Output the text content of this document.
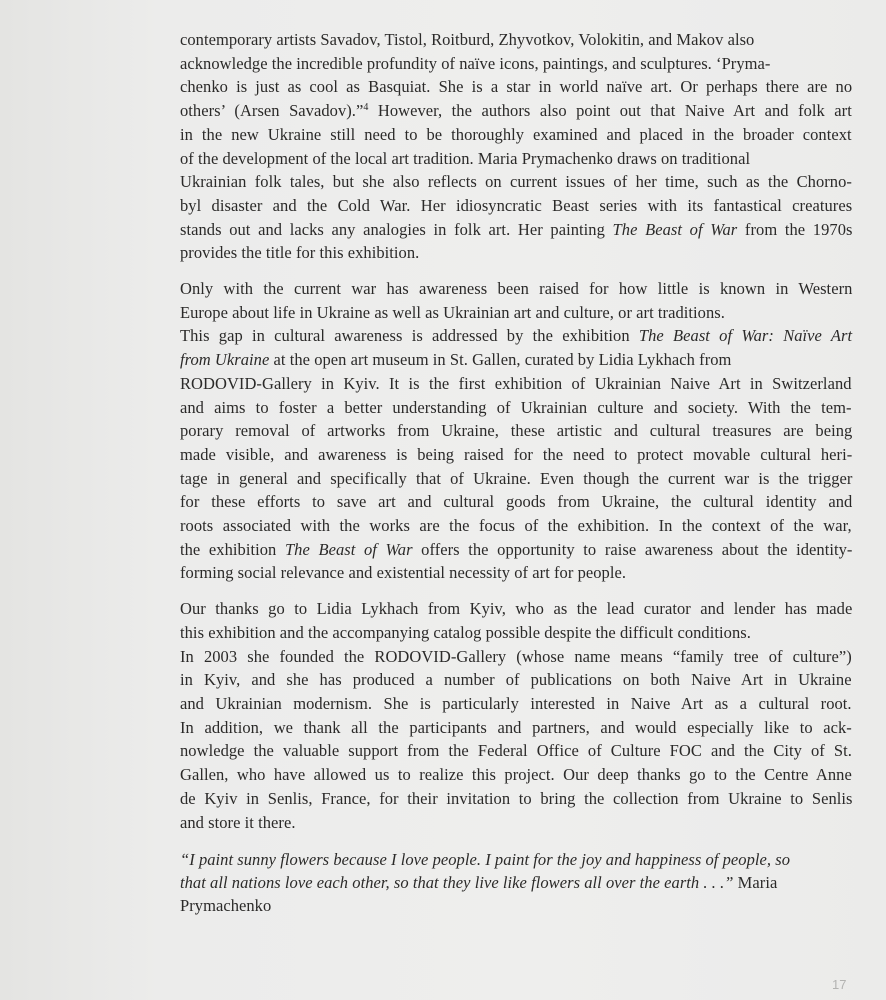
contemporary artists Savadov, Tistol, Roitburd, Zhyvotkov, Volokitin, and Makov also
acknowledge the incredible profundity of naïve icons, paintings, and sculptures. ‘Pryma-
chenko is just as cool as Basquiat. She is a star in world naïve art. Or perhaps there are no
others’ (Arsen Savadov).”$^4$ However, the authors also point out that Naive Art and folk art
in the new Ukraine still need to be thoroughly examined and placed in the broader context
of the development of the local art tradition. Maria Prymachenko draws on traditional
Ukrainian folk tales, but she also reflects on current issues of her time, such as the Chorno-
byl disaster and the Cold War. Her idiosyncratic Beast series with its fantastical creatures
stands out and lacks any analogies in folk art. Her painting The Beast of War from the 1970s
provides the title for this exhibition.
Only with the current war has awareness been raised for how little is known in Western
Europe about life in Ukraine as well as Ukrainian art and culture, or art traditions.
This gap in cultural awareness is addressed by the exhibition The Beast of War: Naïve Art
from Ukraine at the open art museum in St. Gallen, curated by Lidia Lykhach from
RODOVID-Gallery in Kyiv. It is the first exhibition of Ukrainian Naive Art in Switzerland
and aims to foster a better understanding of Ukrainian culture and society. With the tem-
porary removal of artworks from Ukraine, these artistic and cultural treasures are being
made visible, and awareness is being raised for the need to protect movable cultural heri-
tage in general and specifically that of Ukraine. Even though the current war is the trigger
for these efforts to save art and cultural goods from Ukraine, the cultural identity and
roots associated with the works are the focus of the exhibition. In the context of the war,
the exhibition The Beast of War offers the opportunity to raise awareness about the identity-
forming social relevance and existential necessity of art for people.
Our thanks go to Lidia Lykhach from Kyiv, who as the lead curator and lender has made
this exhibition and the accompanying catalog possible despite the difficult conditions.
In 2003 she founded the RODOVID-Gallery (whose name means “family tree of culture”)
in Kyiv, and she has produced a number of publications on both Naive Art in Ukraine
and Ukrainian modernism. She is particularly interested in Naive Art as a cultural root.
In addition, we thank all the participants and partners, and would especially like to ack-
nowledge the valuable support from the Federal Office of Culture FOC and the City of St.
Gallen, who have allowed us to realize this project. Our deep thanks go to the Centre Anne
de Kyiv in Senlis, France, for their invitation to bring the collection from Ukraine to Senlis
and store it there.
“I paint sunny flowers because I love people. I paint for the joy and happiness of people, so
that all nations love each other, so that they live like flowers all over the earth . . .” Maria
Prymachenko
17
